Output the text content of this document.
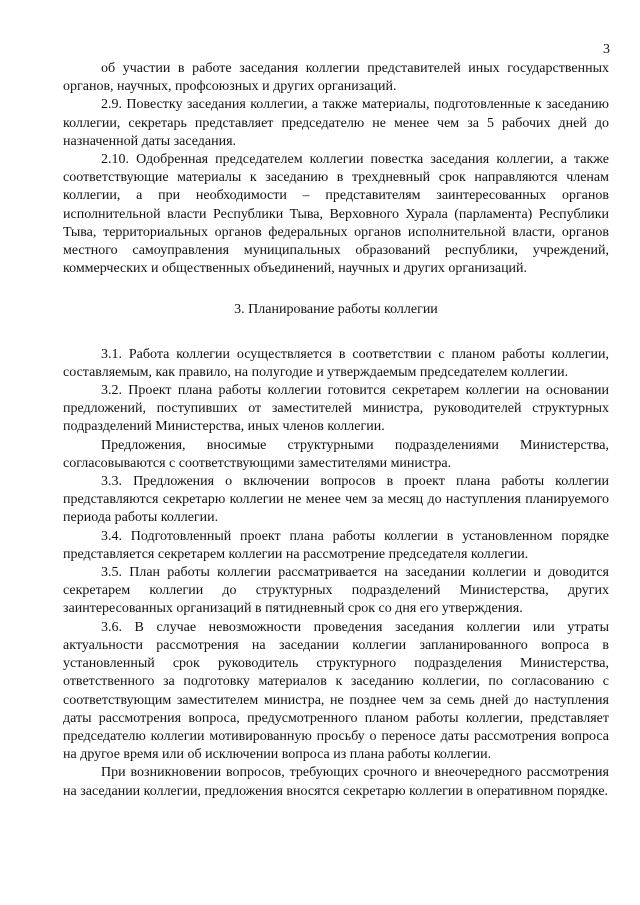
3

об участии в работе заседания коллегии представителей иных государственных органов, научных, профсоюзных и других организаций.

2.9. Повестку заседания коллегии, а также материалы, подготовленные к заседанию коллегии, секретарь представляет председателю не менее чем за 5 рабочих дней до назначенной даты заседания.

2.10. Одобренная председателем коллегии повестка заседания коллегии, а также соответствующие материалы к заседанию в трехдневный срок направляются членам коллегии, а при необходимости – представителям заинтересованных органов исполнительной власти Республики Тыва, Верховного Хурала (парламента) Республики Тыва, территориальных органов федеральных органов исполнительной власти, органов местного самоуправления муниципальных образований республики, учреждений, коммерческих и общественных объединений, научных и других организаций.

3. Планирование работы коллегии

3.1. Работа коллегии осуществляется в соответствии с планом работы коллегии, составляемым, как правило, на полугодие и утверждаемым председателем коллегии.

3.2. Проект плана работы коллегии готовится секретарем коллегии на основании предложений, поступивших от заместителей министра, руководителей структурных подразделений Министерства, иных членов коллегии.

Предложения, вносимые структурными подразделениями Министерства, согласовываются с соответствующими заместителями министра.

3.3. Предложения о включении вопросов в проект плана работы коллегии представляются секретарю коллегии не менее чем за месяц до наступления планируемого периода работы коллегии.

3.4. Подготовленный проект плана работы коллегии в установленном порядке представляется секретарем коллегии на рассмотрение председателя коллегии.

3.5. План работы коллегии рассматривается на заседании коллегии и доводится секретарем коллегии до структурных подразделений Министерства, других заинтересованных организаций в пятидневный срок со дня его утверждения.

3.6. В случае невозможности проведения заседания коллегии или утраты актуальности рассмотрения на заседании коллегии запланированного вопроса в установленный срок руководитель структурного подразделения Министерства, ответственного за подготовку материалов к заседанию коллегии, по согласованию с соответствующим заместителем министра, не позднее чем за семь дней до наступления даты рассмотрения вопроса, предусмотренного планом работы коллегии, представляет председателю коллегии мотивированную просьбу о переносе даты рассмотрения вопроса на другое время или об исключении вопроса из плана работы коллегии.

При возникновении вопросов, требующих срочного и внеочередного рассмотрения на заседании коллегии, предложения вносятся секретарю коллегии в оперативном порядке.
